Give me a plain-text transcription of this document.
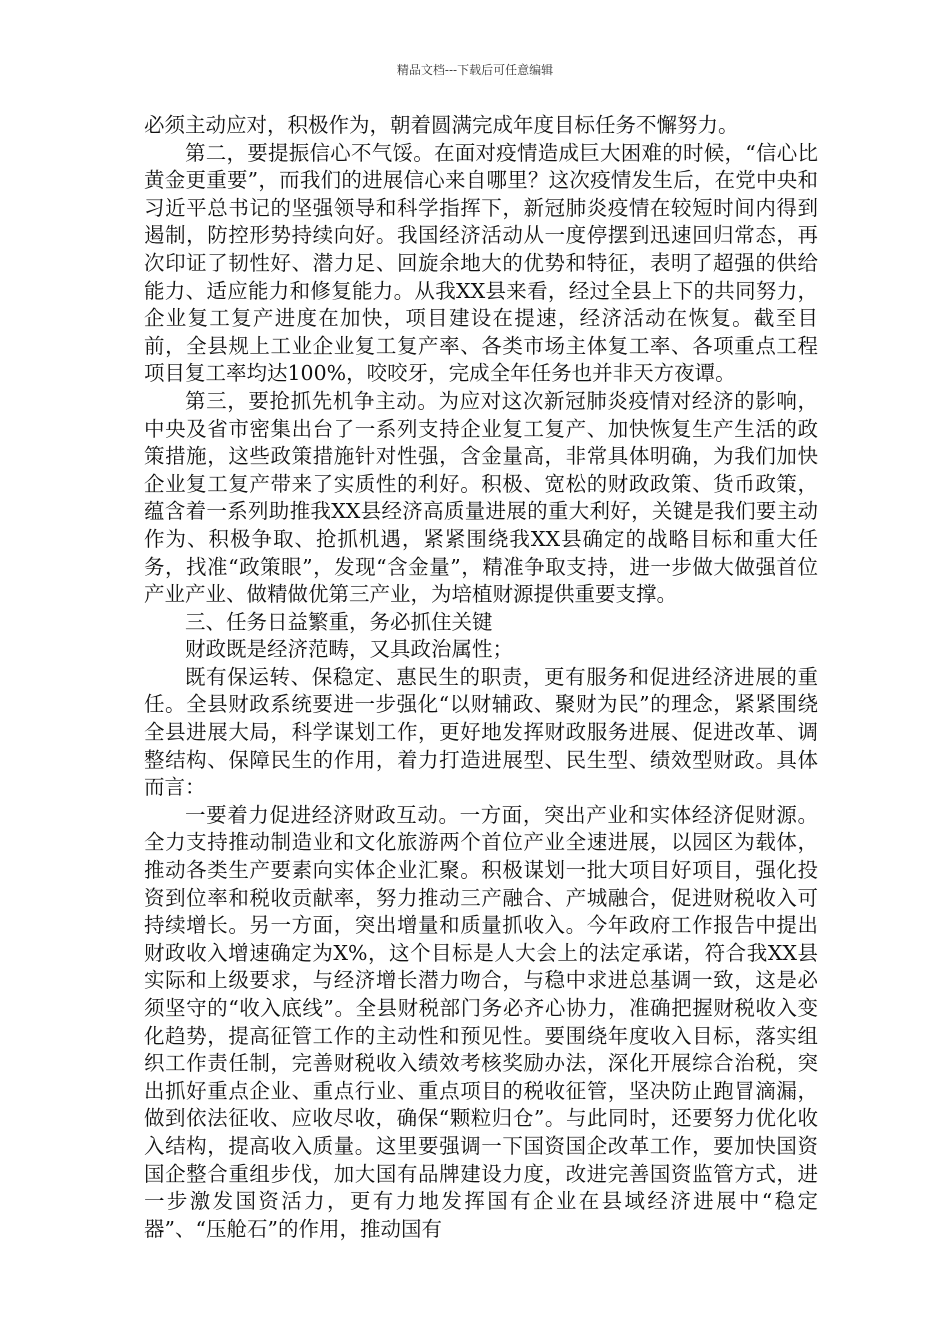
精品文档---下载后可任意编辑

必须主动应对，积极作为，朝着圆满完成年度目标任务不懈努力。

第二，要提振信心不气馁。在面对疫情造成巨大困难的时候，“信心比黄金更重要”，而我们的进展信心来自哪里？这次疫情发生后，在党中央和习近平总书记的坚强领导和科学指挥下，新冠肺炎疫情在较短时间内得到遏制，防控形势持续向好。我国经济活动从一度停摆到迅速回归常态，再次印证了韧性好、潜力足、回旋余地大的优势和特征，表明了超强的供给能力、适应能力和修复能力。从我XX县来看，经过全县上下的共同努力，企业复工复产进度在加快，项目建设在提速，经济活动在恢复。截至目前，全县规上工业企业复工复产率、各类市场主体复工率、各项重点工程项目复工率均达100%，咬咬牙，完成全年任务也并非天方夜谭。

第三，要抢抓先机争主动。为应对这次新冠肺炎疫情对经济的影响，中央及省市密集出台了一系列支持企业复工复产、加快恢复生产生活的政策措施，这些政策措施针对性强，含金量高，非常具体明确，为我们加快企业复工复产带来了实质性的利好。积极、宽松的财政政策、货币政策，蕴含着一系列助推我XX县经济高质量进展的重大利好，关键是我们要主动作为、积极争取、抢抓机遇，紧紧围绕我XX县确定的战略目标和重大任务，找准“政策眼”，发现“含金量”，精准争取支持，进一步做大做强首位产业产业、做精做优第三产业，为培植财源提供重要支撑。

三、任务日益繁重，务必抓住关键

财政既是经济范畴，又具政治属性；

既有保运转、保稳定、惠民生的职责，更有服务和促进经济进展的重任。全县财政系统要进一步强化“以财辅政、聚财为民”的理念，紧紧围绕全县进展大局，科学谋划工作，更好地发挥财政服务进展、促进改革、调整结构、保障民生的作用，着力打造进展型、民生型、绩效型财政。具体而言：

一要着力促进经济财政互动。一方面，突出产业和实体经济促财源。全力支持推动制造业和文化旅游两个首位产业全速进展，以园区为载体，推动各类生产要素向实体企业汇聚。积极谋划一批大项目好项目，强化投资到位率和税收贡献率，努力推动三产融合、产城融合，促进财税收入可持续增长。另一方面，突出增量和质量抓收入。今年政府工作报告中提出财政收入增速确定为X%，这个目标是人大会上的法定承诺，符合我XX县实际和上级要求，与经济增长潜力吻合，与稳中求进总基调一致，这是必须坚守的“收入底线”。全县财税部门务必齐心协力，准确把握财税收入变化趋势，提高征管工作的主动性和预见性。要围绕年度收入目标，落实组织工作责任制，完善财税收入绩效考核奖励办法，深化开展综合治税，突出抓好重点企业、重点行业、重点项目的税收征管，坚决防止跑冒滴漏，做到依法征收、应收尽收，确保“颗粒归仓”。与此同时，还要努力优化收入结构，提高收入质量。这里要强调一下国资国企改革工作，要加快国资国企整合重组步伐，加大国有品牌建设力度，改进完善国资监管方式，进一步激发国资活力，更有力地发挥国有企业在县域经济进展中“稳定器”、“压舱石”的作用，推动国有
